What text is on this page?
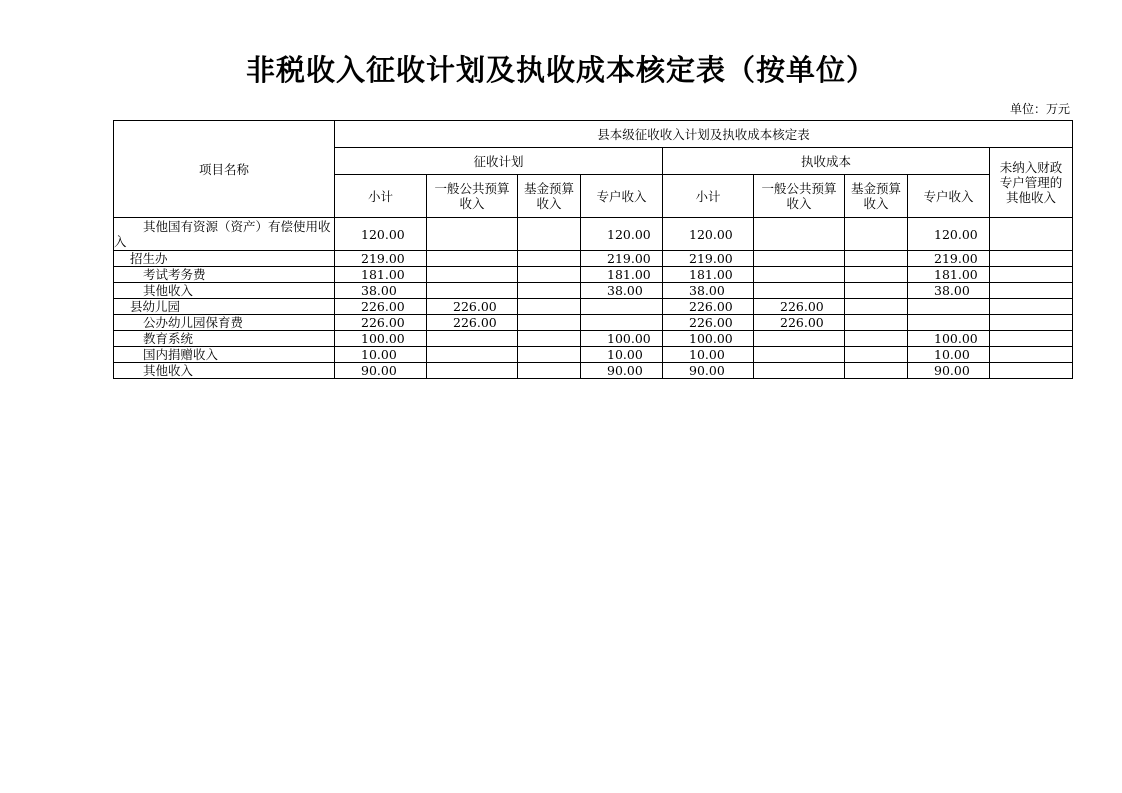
非税收入征收计划及执收成本核定表（按单位）
单位：万元
项目名称	县本级征收收入计划及执收成本核定表								
	征收计划				执收成本				未纳入财政专户管理的其他收入
	小计	一般公共预算收入	基金预算收入	专户收入	小计	一般公共预算收入	基金预算收入	专户收入	
其他国有资源（资产）有偿使用收入	120.00			120.00	120.00			120.00	
招生办	219.00			219.00	219.00			219.00	
考试考务费	181.00			181.00	181.00			181.00	
其他收入	38.00			38.00	38.00			38.00	
县幼儿园	226.00	226.00			226.00	226.00			
公办幼儿园保育费	226.00	226.00			226.00	226.00			
教育系统	100.00			100.00	100.00			100.00	
国内捐赠收入	10.00			10.00	10.00			10.00	
其他收入	90.00			90.00	90.00			90.00	
